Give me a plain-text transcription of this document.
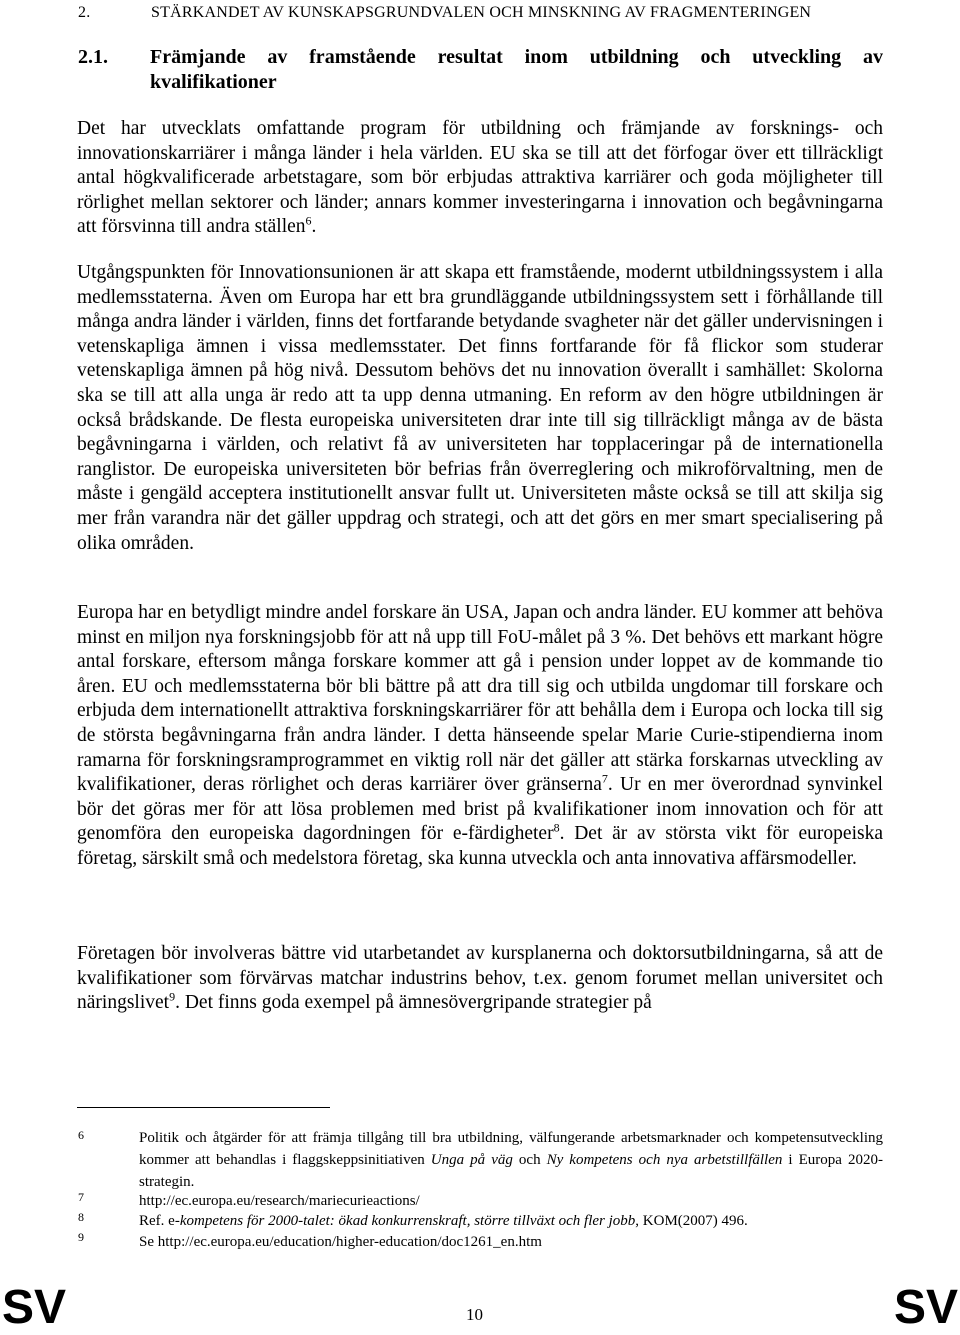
2.	STÄRKANDET AV KUNSKAPSGRUNDVALEN OCH MINSKNING AV FRAGMENTERINGEN
2.1. Främjande av framstående resultat inom utbildning och utveckling av
kvalifikationer
Det har utvecklats omfattande program för utbildning och främjande av forsknings- och innovationskarriärer i många länder i hela världen. EU ska se till att det förfogar över ett tillräckligt antal högkvalificerade arbetstagare, som bör erbjudas attraktiva karriärer och goda möjligheter till rörlighet mellan sektorer och länder; annars kommer investeringarna i innovation och begåvningarna att försvinna till andra ställen$^6$.
Utgångspunkten för Innovationsunionen är att skapa ett framstående, modernt utbildningssystem i alla medlemsstaterna. Även om Europa har ett bra grundläggande utbildningssystem sett i förhållande till många andra länder i världen, finns det fortfarande betydande svagheter när det gäller undervisningen i vetenskapliga ämnen i vissa medlemsstater. Det finns fortfarande för få flickor som studerar vetenskapliga ämnen på hög nivå. Dessutom behövs det nu innovation överallt i samhället: Skolorna ska se till att alla unga är redo att ta upp denna utmaning. En reform av den högre utbildningen är också brådskande. De flesta europeiska universiteten drar inte till sig tillräckligt många av de bästa begåvningarna i världen, och relativt få av universiteten har topplaceringar på de internationella ranglistor. De europeiska universiteten bör befrias från överreglering och mikroförvaltning, men de måste i gengäld acceptera institutionellt ansvar fullt ut. Universiteten måste också se till att skilja sig mer från varandra när det gäller uppdrag och strategi, och att det görs en mer smart specialisering på olika områden.
Europa har en betydligt mindre andel forskare än USA, Japan och andra länder. EU kommer att behöva minst en miljon nya forskningsjobb för att nå upp till FoU-målet på 3 %. Det behövs ett markant högre antal forskare, eftersom många forskare kommer att gå i pension under loppet av de kommande tio åren. EU och medlemsstaterna bör bli bättre på att dra till sig och utbilda ungdomar till forskare och erbjuda dem internationellt attraktiva forskningskarriärer för att behålla dem i Europa och locka till sig de största begåvningarna från andra länder. I detta hänseende spelar Marie Curie-stipendierna inom ramarna för forskningsramprogrammet en viktig roll när det gäller att stärka forskarnas utveckling av kvalifikationer, deras rörlighet och deras karriärer över gränserna$^7$. Ur en mer överordnad synvinkel bör det göras mer för att lösa problemen med brist på kvalifikationer inom innovation och för att genomföra den europeiska dagordningen för e-färdigheter$^8$. Det är av största vikt för europeiska företag, särskilt små och medelstora företag, ska kunna utveckla och anta innovativa affärsmodeller.
Företagen bör involveras bättre vid utarbetandet av kursplanerna och doktorsutbildningarna, så att de kvalifikationer som förvärvas matchar industrins behov, t.ex. genom forumet mellan universitet och näringslivet$^9$. Det finns goda exempel på ämnesövergripande strategier på
6	Politik och åtgärder för att främja tillgång till bra utbildning, välfungerande arbetsmarknader och kompetensutveckling kommer att behandlas i flaggskeppsinitiativen Unga på väg och Ny kompetens och nya arbetstillfällen i Europa 2020-strategin.
7	http://ec.europa.eu/research/mariecurieactions/
8	Ref. e-kompetens för 2000-talet: ökad konkurrenskraft, större tillväxt och fler jobb, KOM(2007) 496.
9	Se http://ec.europa.eu/education/higher-education/doc1261_en.htm
SV	10	SV
